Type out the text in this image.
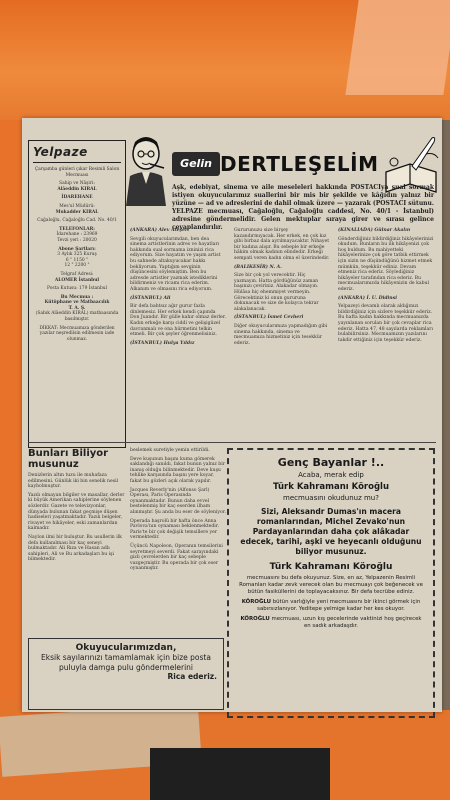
Yelpaze

Çarşamba günleri çıkar Resimli Salon Mecmuası

Sahip ve Nâşiri:
Alâeddin KIRAL

İDAREHANE

Mes'ul Müdürü:
Mukadder KIRAL

Cağaloğlu, Cağaloğlu Cad. No. 40/1

TELEFONLAR:
İdarehane : 23969
Tevzi yeri : 20020

Abone Şartları:
3 Aylık 325 Kuruş
6 " 1150 "
12 " 2200 "

Telgraf Adresi:
ALOMER İstanbul

Posta Kutusu: 179 İstanbul

Bu Mecmua :
Kütüphane ve Matbaacılık
T. A. Ş.
(Sabık Alâeddin KIRAL) matbaasında basılmıştır.

DİKKAT: Mecmuamıza gönderilen yazılar neşredilsin edilmesin iade olunmaz.

Gelin DERTLEŞELİM
Aşk, edebiyat, sinema ve aile meseleleri hakkında POSTACIya sual sormak istiyen okuyucularımız suallerini bir mis bir şekilde ve kâğıdın yalnız bir yüzüne — ad ve adreslerini de dahil olmak üzere — yazarak (POSTACI sütunu. YELPAZE mecmuası, Cağaloğlu, Cağaloğlu caddesi, No. 40/1 - İstanbul) adresine göndermelidir. Gelen mektuplar sıraya girer ve sırası gelince cevaplandırılır.

(ANKARA) Alev Ateşer

Sevgili okuyucularımdan, ben dea sinema artistlerinin adres ve hayatları hakkında sual sormama izninizi rica ediyorum. Size hayatım ve yaşım artist bu sahnede altakuyucakar hakkı bekliyorum. Yaptığım sevginin düşüncesini söylemiştim. Ben bu adresde artistler yazmak istediklerini bildirmeniz ve ricamı rica ederim. Alkanım ve olmasını rica ediyorum.

(İSTANBUL) Ali

Bir defa bahtsız ağır gurur fazla dinlemesiz. Her erkek kendi çapında Don Juandır. Bir gülle kahır olmaz derler. Kadın erkeğe karşı ciddi ve gelişigüzel davranmalı ve ona hürmetini telkin etmeli. Bir çok şeyler öğrenmelisiniz.

(İSTANBUL) Hulya Yıldız

Gururunuzu size birşey kazandırmıyacak. Her erkek, en çok kız gibi birbaz dala ayrılmayacaktır. Nihayet bir kadına alışır. Bu sebeple bir erkeğe hâkim olmak kadının elindedir. Erkeği sempati veren kadın olma el üzerindedir.

(BALIKESİR) N. A.

Size bir çok yol verecektir. Hiç yazmayın. Hatta gördüğünüz zaman başınızı çeviriniz. Alakadar olmayın. Hülâsa hiç ehemmiyet vermeyin. Görecektiniz ki onun gururuna dokunacak ve size de kolayca tekrar alakalanacak.

(İSTANBUL) İsmet Cevheri

Diğer okuyucularımıza yapmadığım gibi sinema hakkında, sinema ve mecmuamıza hizmetiniz için tesekkür ederiz.

(KINALIADA) Gülnar Akalın

Gönderdiğiniz bildirdiğiniz hikâyelerinizi okudum. Bunların bu ilk hikâyenizi çok hoş buldum. Bu mahiyetteki hikâyelerinize çok göre tatbik ettirmek için sizin ne düşündüğünü hizmet etmek mümkün, teşekkür ediniz. Devam etmeniz rica ederiz. Söylediğiniz hikâyeler tarafından rica ederiz. Bu mecmualarımızda hikâyenizin de kabul ederiz.

(ANKARA) İ. U. Didinsi

Yelpazeyi devamlı olarak aldığınızı bildirdiğiniz için sizlere teşekkür ederiz. Bu hafta kadın hakkında mecmuanızda yayınlanan sorulan bir çok cevaplar rica ederiz. Hatta 47, 48 sayılarda reklamları bulabilirsiniz. Mecmuamızın yazılarını takdir ettiğiniz için teşekkür ederiz.

Bunları Biliyor musunuz

Denizlerin altın tuzu ile muhafaza edilmesini. Günlük iki bin senelik nesil kaybolmuştur.

Yazılı olmayan bilgiler ve masallar, derler ki büyük Amerikan sahiplerine söylenen sözlerdir. Gazete ve televizyonlar, dünyada bulunan fakat geçmişe düşen hadiseleri yaşatmaktadır. Yazılı belgeler, rivayet ve hikâyeler, eski zamanlardan kalmadır.

Naylon ilmi bir buluştur. Bu usullerin ilk defa kullanılması bir kaç seneyi bulmaktadır. Ali Rıza ve Hasan adlı sahipleri, Ali ve Bu arkadaşları bu işi bilmektedir.

beslemek suretiyle yemin ettirildi.

Deve kuşunun başını kuma gömerek saklandığı sanıldı, fakat bunun yalnız bir inanış olduğu bilinmektedir. Deve kuşu tehlike karşısında başını yere koyar, fakat bu gözleri açık olarak yapılır.

Jacques Reverly'nin (Alfonso Şarl) Operası, Paris Operasında oynanmaktadır. Bunun daha evvel bestelenmiş bir kaç eserden ilham alınmıştır. Şu anda bu eser de söyleniyor.

Operada başrolü bir hafta önce Anna Pavlova'nın oynaması beklenmektedir. Paris'te bir çok değişik temsillere yer vermektedir.

Üçüncü Napoleon, Operanın temsilerini seyretmeyi severdi. Fakat sarayındaki gizli çevrelerden bir kaç sebeple vazgeçmiştir. Bu operada bir çok eser oynanmıştır.

Genç Bayanlar !..
Acaba, merak edip
Türk Kahramanı Köroğlu
mecmuasını okudunuz mu?
Sizi, Aleksandr Dumas'ın macera romanlarından, Michel Zevako'nun Pardayanlarından daha çok alâkadar edecek, tarihi, aşki ve heyecanlı olduğunu biliyor musunuz.
Türk Kahramanı Köroğlu
mecmuasını bu defa okuyunuz. Size, en az, Yelpazenin Resimli Romanları kadar zevk verecek olan bu mecmuayı çok beğenecek ve bütün fasiküllerini de toplayacaksınız. Bir defa tecrübe ediniz.
KÖROĞLU bütün varlığiyle yeni mecmuasını bir ikinci görmek için sabırsızlanıyor. Yeditepe yelmige kadar her kes okuyor.
KÖROĞLU mecmuası, uzun kış gecelerinde vaktinizi hoş geçirecek en sadık arkadaşdır.
Okuyucularımızdan,
Eksik sayılarınızı tamamlamak için bize posta puluyla damga pulu göndermelerini
Rica ederiz.
